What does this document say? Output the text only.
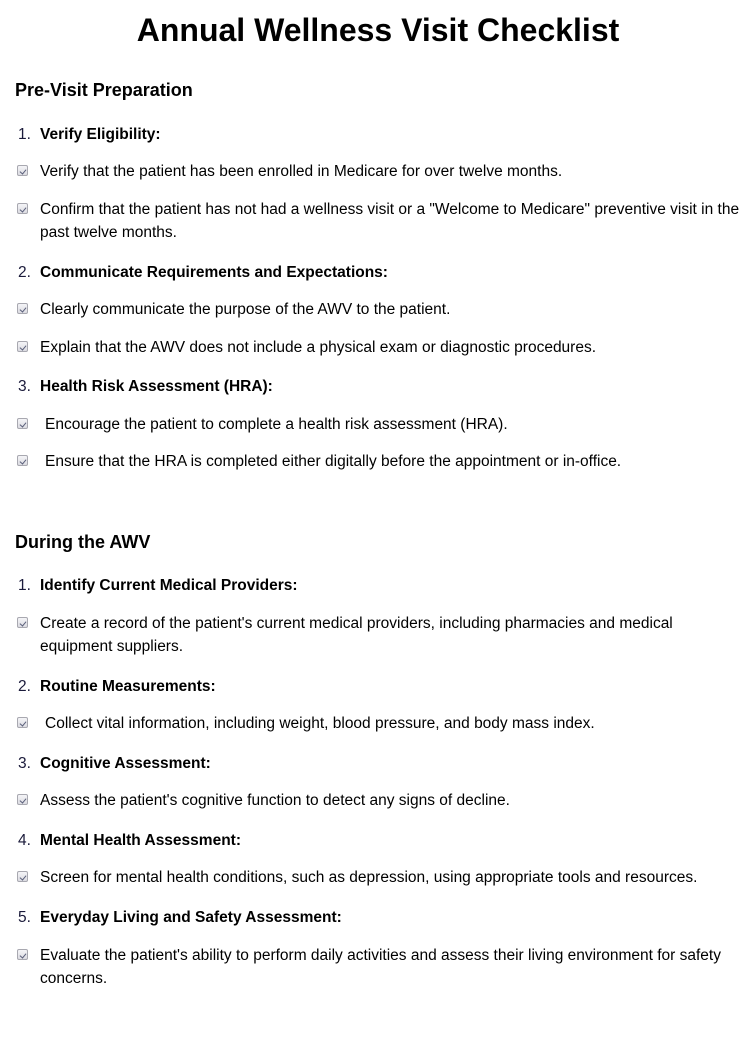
Annual Wellness Visit Checklist
Pre-Visit Preparation
1. Verify Eligibility:
Verify that the patient has been enrolled in Medicare for over twelve months.
Confirm that the patient has not had a wellness visit or a "Welcome to Medicare" preventive visit in the past twelve months.
2. Communicate Requirements and Expectations:
Clearly communicate the purpose of the AWV to the patient.
Explain that the AWV does not include a physical exam or diagnostic procedures.
3. Health Risk Assessment (HRA):
Encourage the patient to complete a health risk assessment (HRA).
Ensure that the HRA is completed either digitally before the appointment or in-office.
During the AWV
1. Identify Current Medical Providers:
Create a record of the patient's current medical providers, including pharmacies and medical equipment suppliers.
2. Routine Measurements:
Collect vital information, including weight, blood pressure, and body mass index.
3. Cognitive Assessment:
Assess the patient's cognitive function to detect any signs of decline.
4. Mental Health Assessment:
Screen for mental health conditions, such as depression, using appropriate tools and resources.
5. Everyday Living and Safety Assessment:
Evaluate the patient's ability to perform daily activities and assess their living environment for safety concerns.
